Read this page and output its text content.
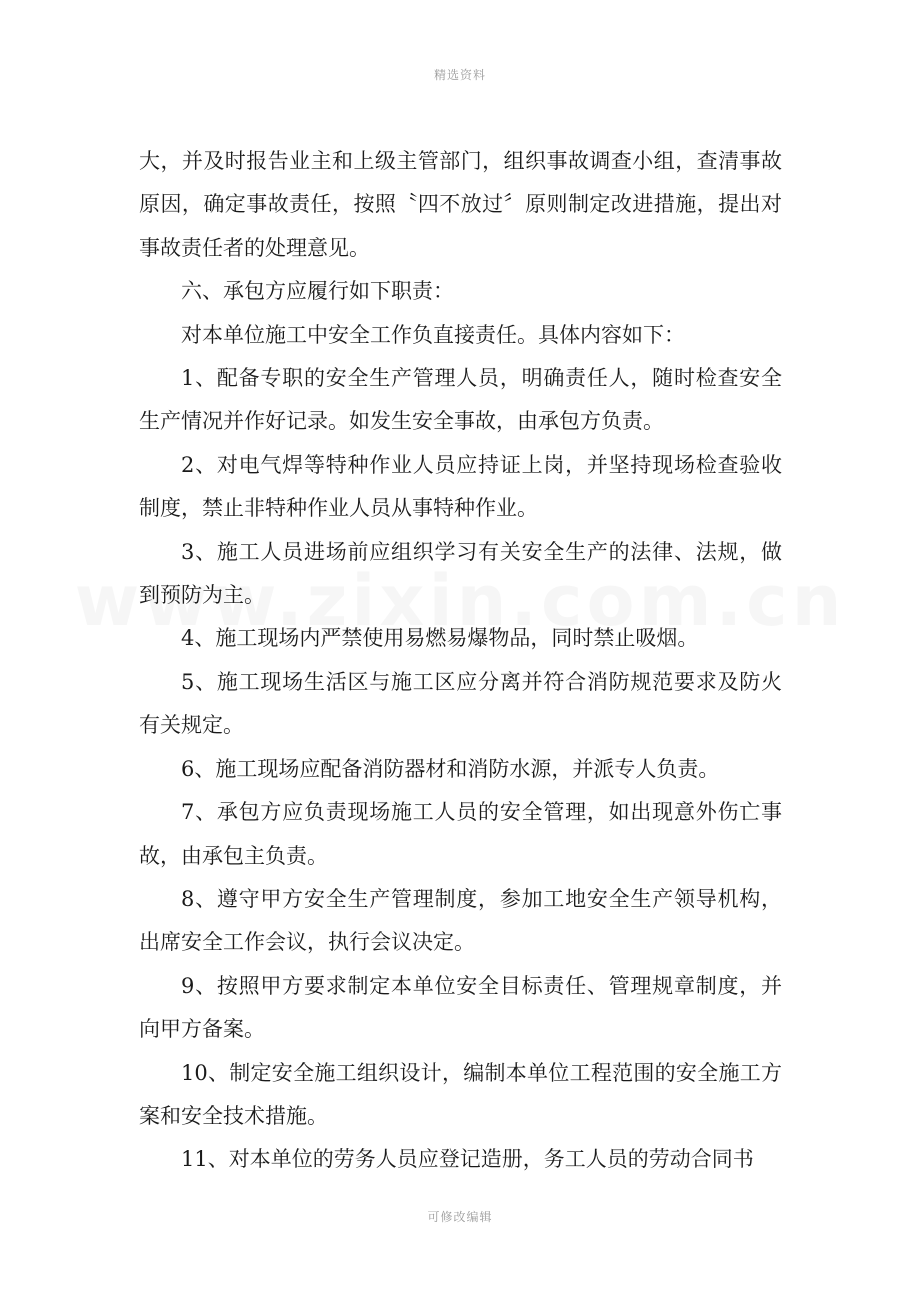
精选资料

大，并及时报告业主和上级主管部门，组织事故调查小组，查清事故原因，确定事故责任，按照〝四不放过〞原则制定改进措施，提出对事故责任者的处理意见。

六、承包方应履行如下职责：

对本单位施工中安全工作负直接责任。具体内容如下：

1、配备专职的安全生产管理人员，明确责任人，随时检查安全生产情况并作好记录。如发生安全事故，由承包方负责。

2、对电气焊等特种作业人员应持证上岗，并坚持现场检查验收制度，禁止非特种作业人员从事特种作业。

3、施工人员进场前应组织学习有关安全生产的法律、法规，做到预防为主。

4、施工现场内严禁使用易燃易爆物品，同时禁止吸烟。

5、施工现场生活区与施工区应分离并符合消防规范要求及防火有关规定。

6、施工现场应配备消防器材和消防水源，并派专人负责。

7、承包方应负责现场施工人员的安全管理，如出现意外伤亡事故，由承包主负责。

8、遵守甲方安全生产管理制度，参加工地安全生产领导机构，出席安全工作会议，执行会议决定。

9、按照甲方要求制定本单位安全目标责任、管理规章制度，并向甲方备案。

10、制定安全施工组织设计，编制本单位工程范围的安全施工方案和安全技术措施。

11、对本单位的劳务人员应登记造册，务工人员的劳动合同书

可修改编辑
